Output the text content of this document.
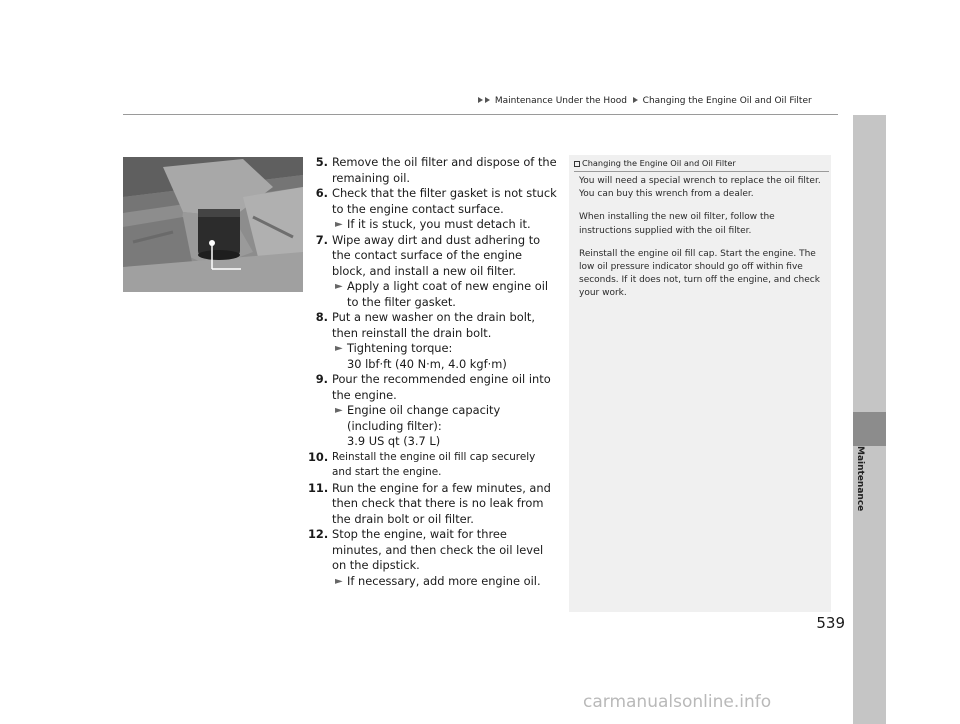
Maintenance Under the Hood Changing the Engine Oil and Oil Filter
Maintenance
5. Remove the oil filter and dispose of the remaining oil.
6. Check that the filter gasket is not stuck to the engine contact surface.
► If it is stuck, you must detach it.
7. Wipe away dirt and dust adhering to the contact surface of the engine block, and install a new oil filter.
► Apply a light coat of new engine oil to the filter gasket.
8. Put a new washer on the drain bolt, then reinstall the drain bolt.
► Tightening torque:
30 lbf·ft (40 N·m, 4.0 kgf·m)
9. Pour the recommended engine oil into the engine.
► Engine oil change capacity (including filter):
3.9 US qt (3.7 L)
10. Reinstall the engine oil fill cap securely and start the engine.
11. Run the engine for a few minutes, and then check that there is no leak from the drain bolt or oil filter.
12. Stop the engine, wait for three minutes, and then check the oil level on the dipstick.
► If necessary, add more engine oil.
Changing the Engine Oil and Oil Filter

You will need a special wrench to replace the oil filter. You can buy this wrench from a dealer.

When installing the new oil filter, follow the instructions supplied with the oil filter.

Reinstall the engine oil fill cap. Start the engine. The low oil pressure indicator should go off within five seconds. If it does not, turn off the engine, and check your work.

539
carmanualsonline.info
